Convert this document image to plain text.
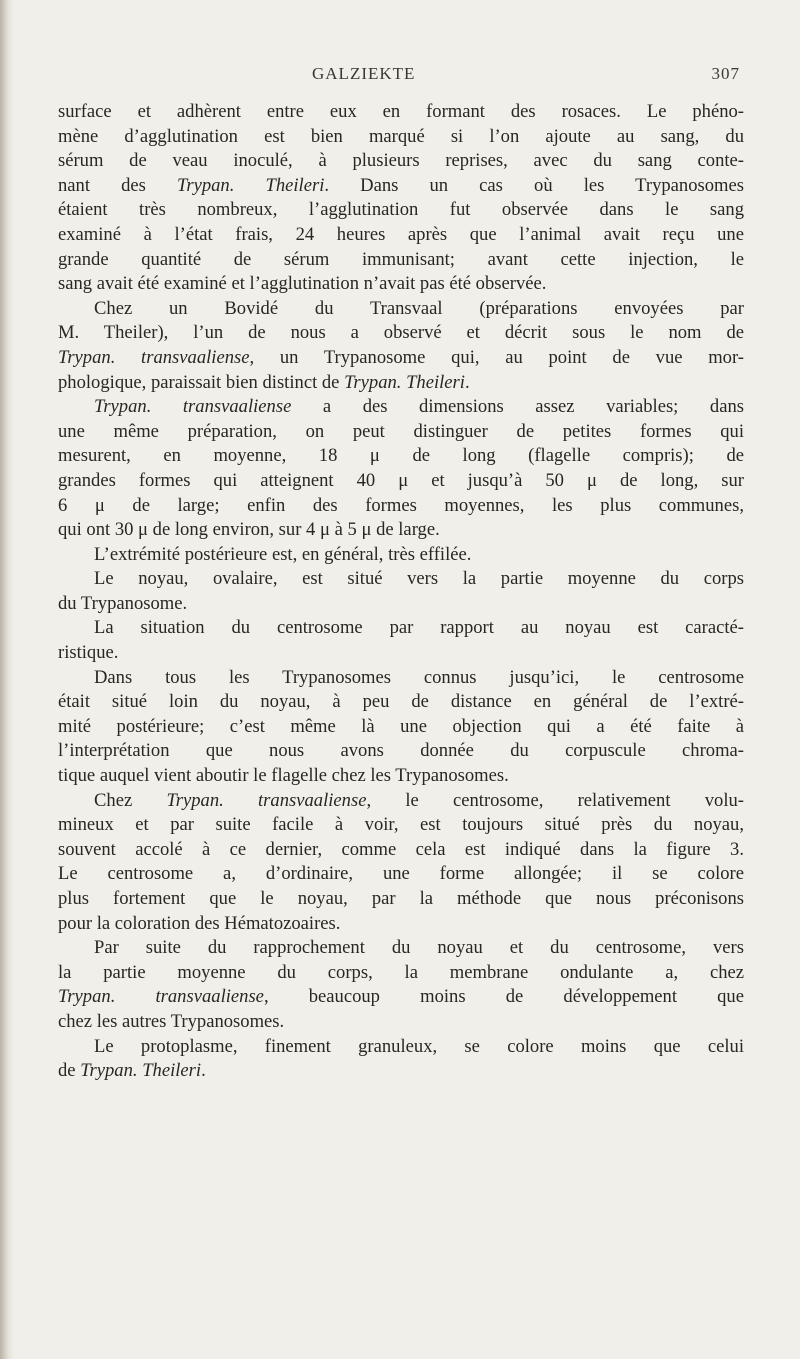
GALZIEKTE	307
surface et adhèrent entre eux en formant des rosaces. Le phéno-
mène d’agglutination est bien marqué si l’on ajoute au sang, du
sérum de veau inoculé, à plusieurs reprises, avec du sang conte-
nant des Trypan. Theileri. Dans un cas où les Trypanosomes
étaient très nombreux, l’agglutination fut observée dans le sang
examiné à l’état frais, 24 heures après que l’animal avait reçu une
grande quantité de sérum immunisant; avant cette injection, le
sang avait été examiné et l’agglutination n’avait pas été observée.
Chez un Bovidé du Transvaal (préparations envoyées par
M. Theiler), l’un de nous a observé et décrit sous le nom de
Trypan. transvaaliense, un Trypanosome qui, au point de vue mor-
phologique, paraissait bien distinct de Trypan. Theileri.
Trypan. transvaaliense a des dimensions assez variables; dans
une même préparation, on peut distinguer de petites formes qui
mesurent, en moyenne, 18 μ de long (flagelle compris); de
grandes formes qui atteignent 40 μ et jusqu’à 50 μ de long, sur
6 μ de large; enfin des formes moyennes, les plus communes,
qui ont 30 μ de long environ, sur 4 μ à 5 μ de large.
L’extrémité postérieure est, en général, très effilée.
Le noyau, ovalaire, est situé vers la partie moyenne du corps
du Trypanosome.
La situation du centrosome par rapport au noyau est caracté-
ristique.
Dans tous les Trypanosomes connus jusqu’ici, le centrosome
était situé loin du noyau, à peu de distance en général de l’extré-
mité postérieure; c’est même là une objection qui a été faite à
l’interprétation que nous avons donnée du corpuscule chroma-
tique auquel vient aboutir le flagelle chez les Trypanosomes.
Chez Trypan. transvaaliense, le centrosome, relativement volu-
mineux et par suite facile à voir, est toujours situé près du noyau,
souvent accolé à ce dernier, comme cela est indiqué dans la figure 3.
Le centrosome a, d’ordinaire, une forme allongée; il se colore
plus fortement que le noyau, par la méthode que nous préconisons
pour la coloration des Hématozoaires.
Par suite du rapprochement du noyau et du centrosome, vers
la partie moyenne du corps, la membrane ondulante a, chez
Trypan. transvaaliense, beaucoup moins de développement que
chez les autres Trypanosomes.
Le protoplasme, finement granuleux, se colore moins que celui
de Trypan. Theileri.
